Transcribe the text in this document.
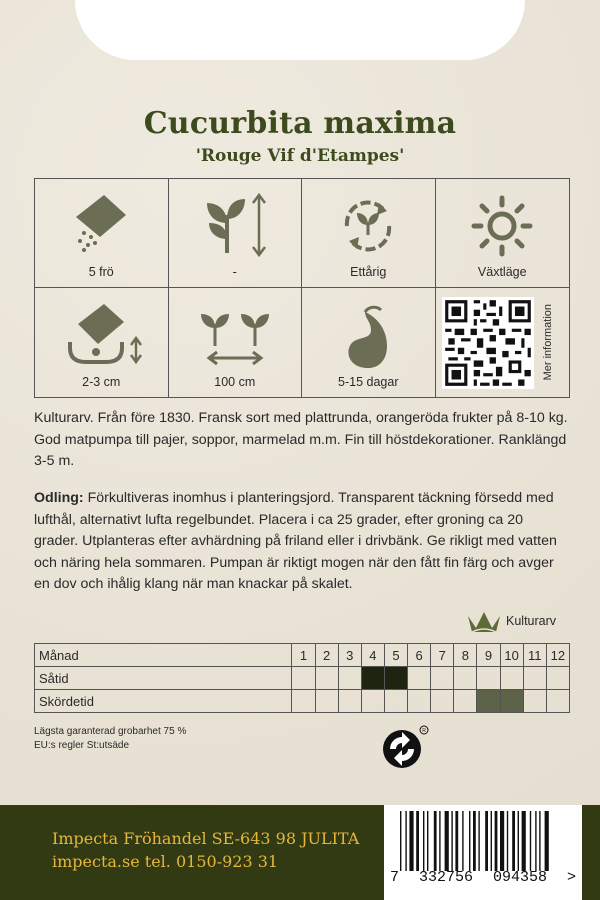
Cucurbita maxima
'Rouge Vif d'Etampes'
5 frö	-	Ettårig	Växtläge
2-3 cm	100 cm	5-15 dagar
Mer information
Kulturarv. Från före 1830. Fransk sort med plattrunda, orangeröda frukter på 8-10 kg. God matpumpa till pajer, soppor, marmelad m.m. Fin till höstdekorationer. Ranklängd 3-5 m.
Odling: Förkultiveras inomhus i planteringsjord. Transparent täckning försedd med lufthål, alternativt lufta regelbundet. Placera i ca 25 grader, efter groning ca 20 grader. Utplanteras efter avhärdning på friland eller i drivbänk. Ge rikligt med vatten och näring hela sommaren. Pumpan är riktigt mogen när den fått fin färg och avger en dov och ihålig klang när man knackar på skalet.
Kulturarv
Månad	1	2	3	4	5	6	7	8	9	10	11	12
Såtid												
Skördetid												
Lägsta garanterad grobarhet 75 %
EU:s regler St:utsäde
R
Impecta Fröhandel SE-643 98 JULITA
impecta.se tel. 0150-923 31
7 332756 094358 >
